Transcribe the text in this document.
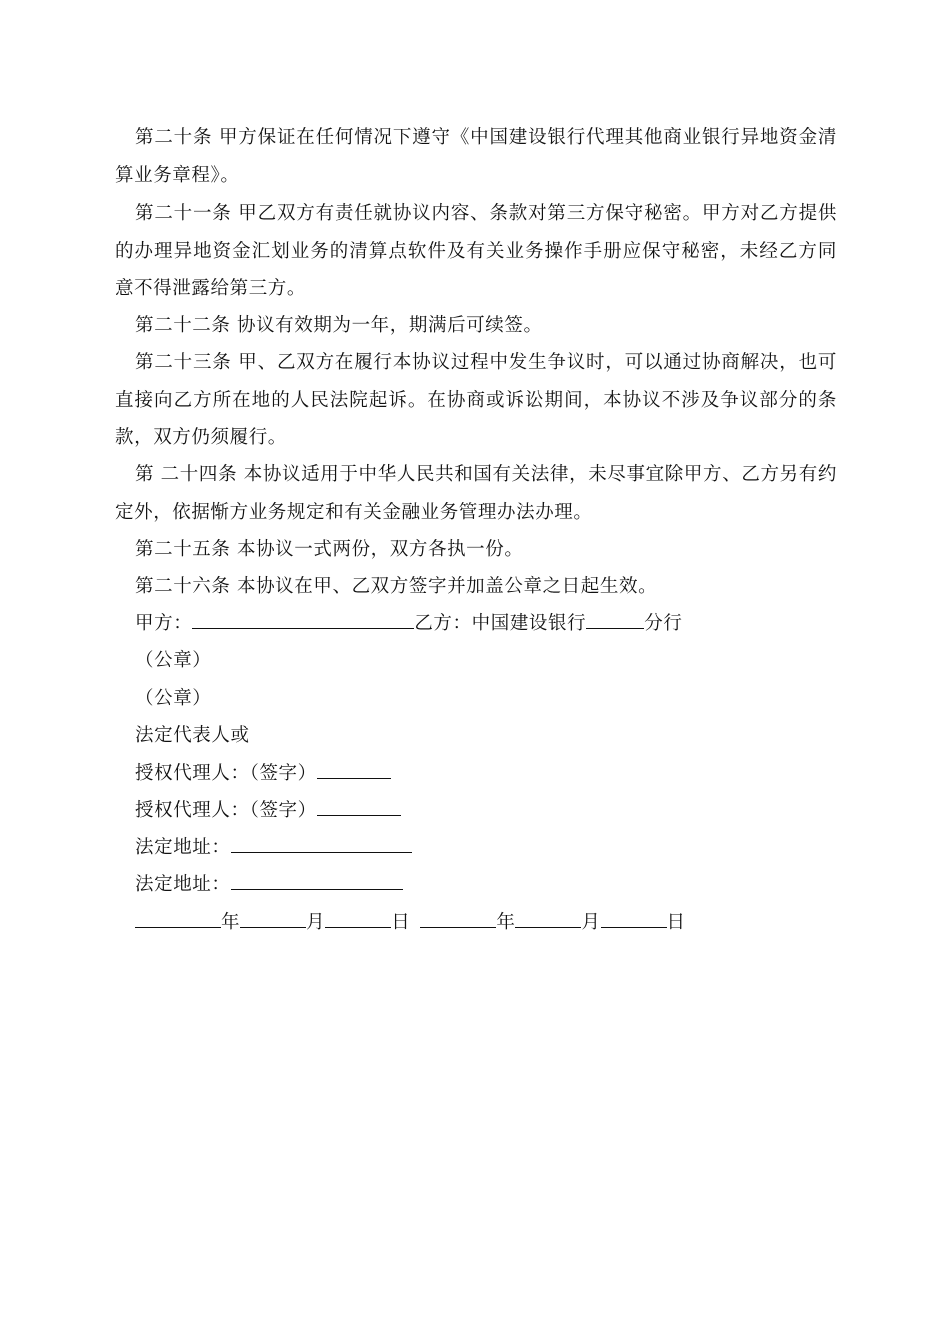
第二十条 甲方保证在任何情况下遵守《中国建设银行代理其他商业银行异地资金清算业务章程》。
第二十一条 甲乙双方有责任就协议内容、条款对第三方保守秘密。甲方对乙方提供的办理异地资金汇划业务的清算点软件及有关业务操作手册应保守秘密，未经乙方同意不得泄露给第三方。
第二十二条 协议有效期为一年，期满后可续签。
第二十三条 甲、乙双方在履行本协议过程中发生争议时，可以通过协商解决，也可直接向乙方所在地的人民法院起诉。在协商或诉讼期间，本协议不涉及争议部分的条款，双方仍须履行。
第 二十四条 本协议适用于中华人民共和国有关法律，未尽事宜除甲方、乙方另有约定外，依据惭方业务规定和有关金融业务管理办法办理。
第二十五条 本协议一式两份，双方各执一份。
第二十六条 本协议在甲、乙双方签字并加盖公章之日起生效。
甲方：	乙方：中国建设银行	分行
（公章）
（公章）
法定代表人或
授权代理人：（签字）
授权代理人：（签字）
法定地址：
法定地址：
年	月	日	年	月	日
